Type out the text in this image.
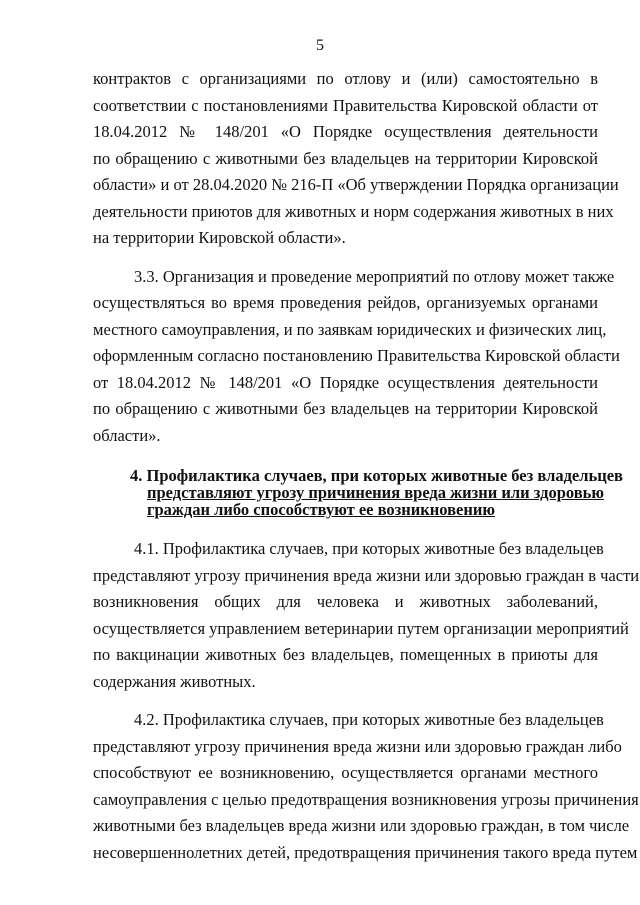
5
контрактов с организациями по отлову и (или) самостоятельно в
соответствии с постановлениями Правительства Кировской области от
18.04.2012 № 148/201 «О Порядке осуществления деятельности
по обращению с животными без владельцев на территории Кировской
области» и от 28.04.2020 № 216-П «Об утверждении Порядка организации
деятельности приютов для животных и норм содержания животных в них
на территории Кировской области».
3.3. Организация и проведение мероприятий по отлову может также
осуществляться во время проведения рейдов, организуемых органами
местного самоуправления, и по заявкам юридических и физических лиц,
оформленным согласно постановлению Правительства Кировской области
от 18.04.2012 № 148/201 «О Порядке осуществления деятельности
по обращению с животными без владельцев на территории Кировской
области».
4. Профилактика случаев, при которых животные без владельцев
представляют угрозу причинения вреда жизни или здоровью
граждан либо способствуют ее возникновению
4.1. Профилактика случаев, при которых животные без владельцев
представляют угрозу причинения вреда жизни или здоровью граждан в части
возникновения общих для человека и животных заболеваний,
осуществляется управлением ветеринарии путем организации мероприятий
по вакцинации животных без владельцев, помещенных в приюты для
содержания животных.
4.2. Профилактика случаев, при которых животные без владельцев
представляют угрозу причинения вреда жизни или здоровью граждан либо
способствуют ее возникновению, осуществляется органами местного
самоуправления с целью предотвращения возникновения угрозы причинения
животными без владельцев вреда жизни или здоровью граждан, в том числе
несовершеннолетних детей, предотвращения причинения такого вреда путем
